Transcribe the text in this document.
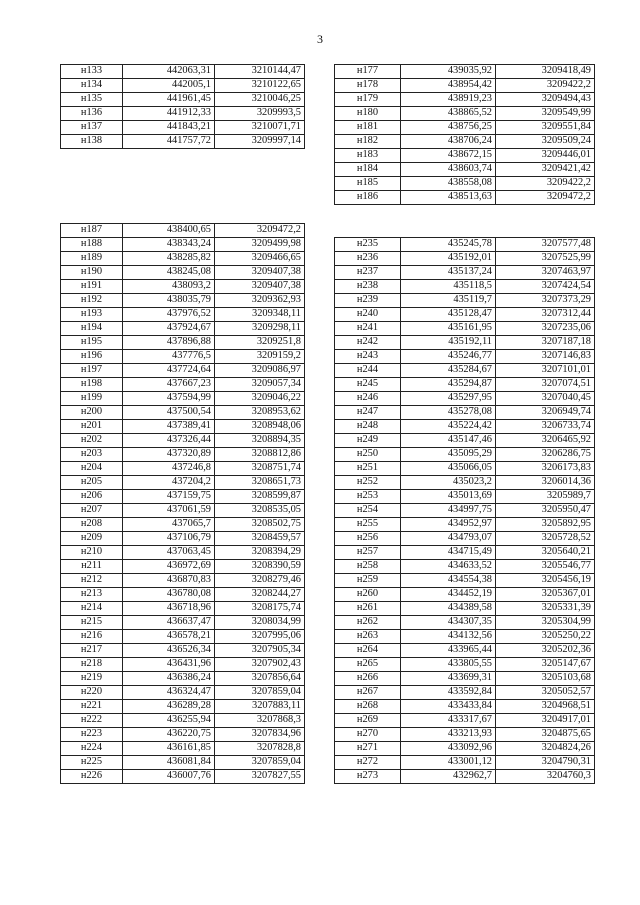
3
н133	442063,31	3210144,47
н134	442005,1	3210122,65
н135	441961,45	3210046,25
н136	441912,33	3209993,5
н137	441843,21	3210071,71
н138	441757,72	3209997,14
н177	439035,92	3209418,49
н178	438954,42	3209422,2
н179	438919,23	3209494,43
н180	438865,52	3209549,99
н181	438756,25	3209551,84
н182	438706,24	3209509,24
н183	438672,15	3209446,01
н184	438603,74	3209421,42
н185	438558,08	3209422,2
н186	438513,63	3209472,2
н187	438400,65	3209472,2
н188	438343,24	3209499,98
н189	438285,82	3209466,65
н190	438245,08	3209407,38
н191	438093,2	3209407,38
н192	438035,79	3209362,93
н193	437976,52	3209348,11
н194	437924,67	3209298,11
н195	437896,88	3209251,8
н196	437776,5	3209159,2
н197	437724,64	3209086,97
н198	437667,23	3209057,34
н199	437594,99	3209046,22
н200	437500,54	3208953,62
н201	437389,41	3208948,06
н202	437326,44	3208894,35
н203	437320,89	3208812,86
н204	437246,8	3208751,74
н205	437204,2	3208651,73
н206	437159,75	3208599,87
н207	437061,59	3208535,05
н208	437065,7	3208502,75
н209	437106,79	3208459,57
н210	437063,45	3208394,29
н211	436972,69	3208390,59
н212	436870,83	3208279,46
н213	436780,08	3208244,27
н214	436718,96	3208175,74
н215	436637,47	3208034,99
н216	436578,21	3207995,06
н217	436526,34	3207905,34
н218	436431,96	3207902,43
н219	436386,24	3207856,64
н220	436324,47	3207859,04
н221	436289,28	3207883,11
н222	436255,94	3207868,3
н223	436220,75	3207834,96
н224	436161,85	3207828,8
н225	436081,84	3207859,04
н226	436007,76	3207827,55
н235	435245,78	3207577,48
н236	435192,01	3207525,99
н237	435137,24	3207463,97
н238	435118,5	3207424,54
н239	435119,7	3207373,29
н240	435128,47	3207312,44
н241	435161,95	3207235,06
н242	435192,11	3207187,18
н243	435246,77	3207146,83
н244	435284,67	3207101,01
н245	435294,87	3207074,51
н246	435297,95	3207040,45
н247	435278,08	3206949,74
н248	435224,42	3206733,74
н249	435147,46	3206465,92
н250	435095,29	3206286,75
н251	435066,05	3206173,83
н252	435023,2	3206014,36
н253	435013,69	3205989,7
н254	434997,75	3205950,47
н255	434952,97	3205892,95
н256	434793,07	3205728,52
н257	434715,49	3205640,21
н258	434633,52	3205546,77
н259	434554,38	3205456,19
н260	434452,19	3205367,01
н261	434389,58	3205331,39
н262	434307,35	3205304,99
н263	434132,56	3205250,22
н264	433965,44	3205202,36
н265	433805,55	3205147,67
н266	433699,31	3205103,68
н267	433592,84	3205052,57
н268	433433,84	3204968,51
н269	433317,67	3204917,01
н270	433213,93	3204875,65
н271	433092,96	3204824,26
н272	433001,12	3204790,31
н273	432962,7	3204760,3
